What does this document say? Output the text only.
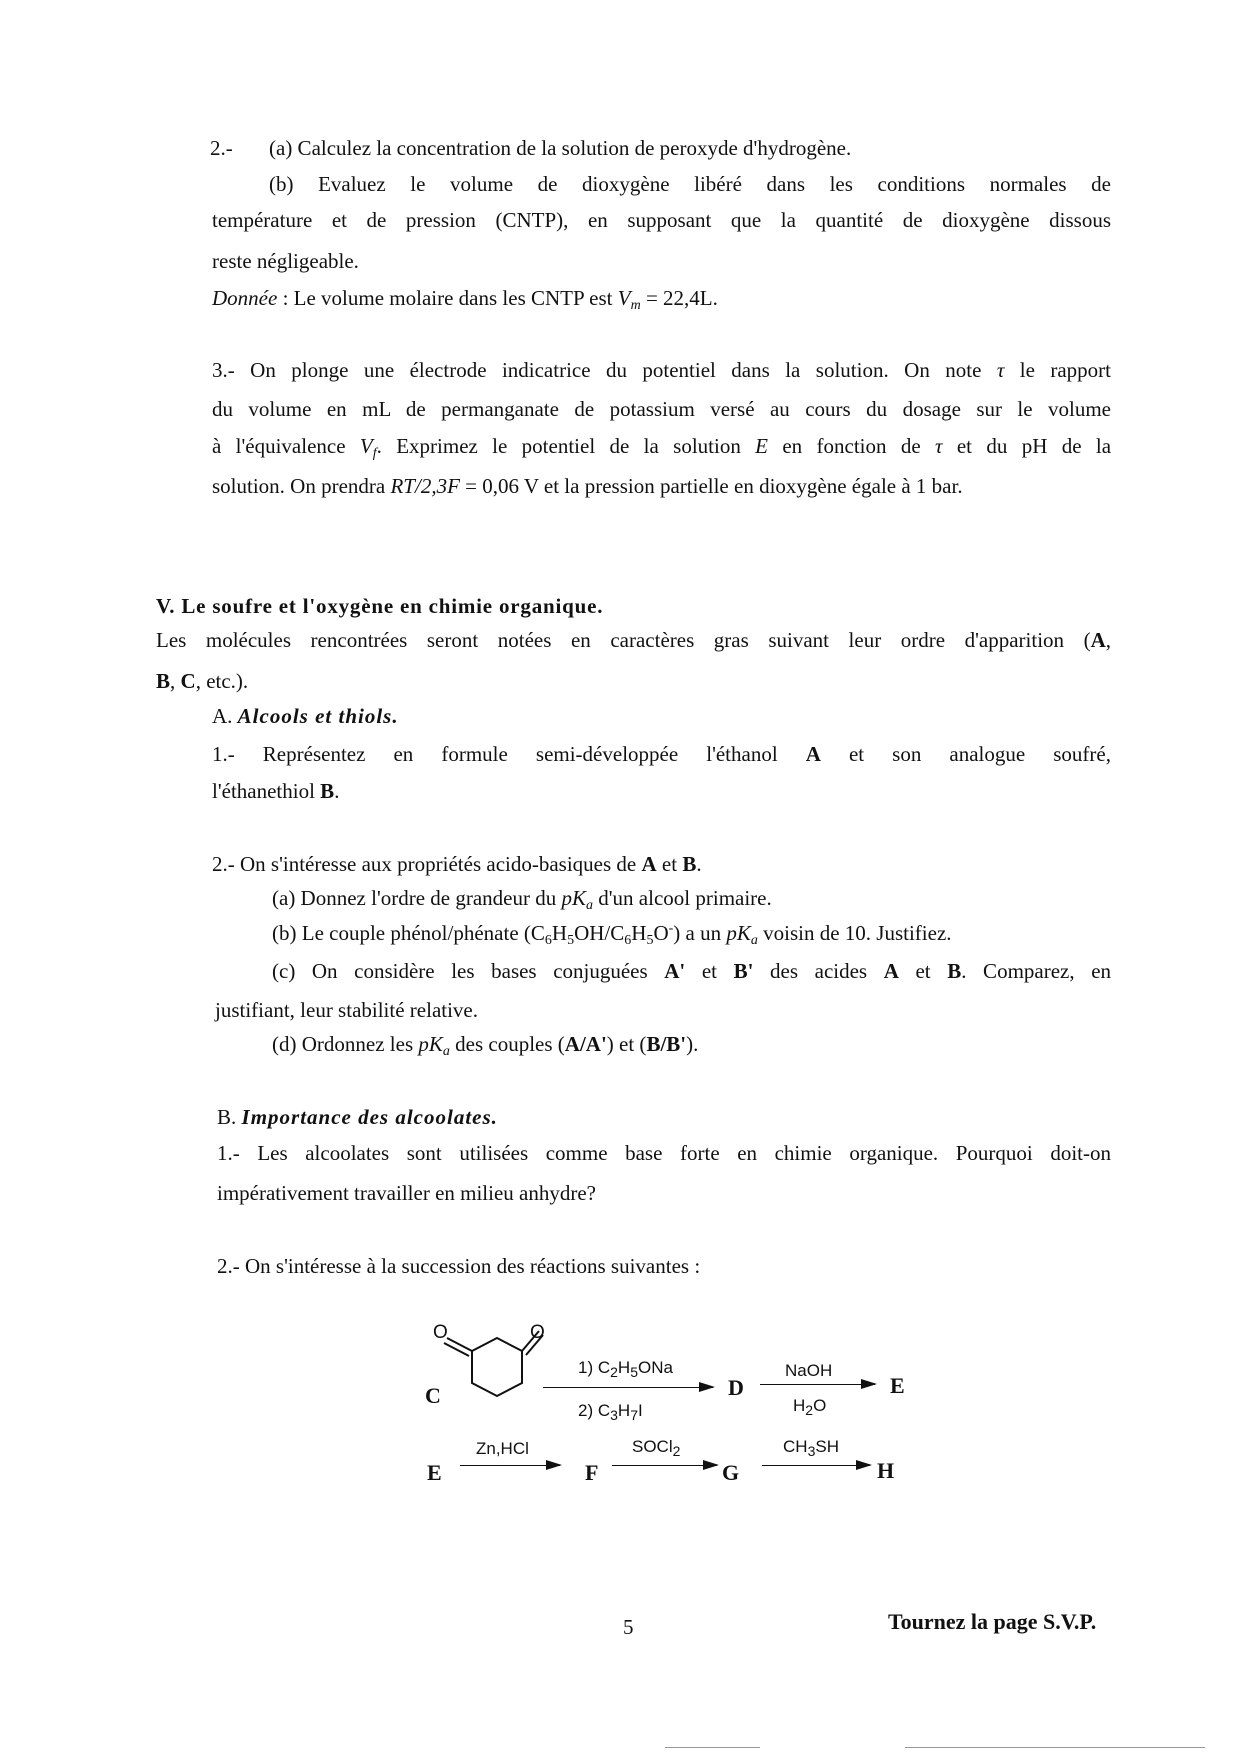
2.- (a) Calculez la concentration de la solution de peroxyde d'hydrogène.
(b) Evaluez le volume de dioxygène libéré dans les conditions normales de
température et de pression (CNTP), en supposant que la quantité de dioxygène dissous
reste négligeable.
Donnée : Le volume molaire dans les CNTP est $V_m = 22,4L$.
3.- On plonge une électrode indicatrice du potentiel dans la solution. On note τ le rapport
du volume en mL de permanganate de potassium versé au cours du dosage sur le volume
à l'équivalence $V_f$. Exprimez le potentiel de la solution E en fonction de τ et du pH de la
solution. On prendra RT/2,3F = 0,06 V et la pression partielle en dioxygène égale à 1 bar.
V. Le soufre et l'oxygène en chimie organique.
Les molécules rencontrées seront notées en caractères gras suivant leur ordre d'apparition (A,
B, C, etc.).
A. Alcools et thiols.
1.- Représentez en formule semi-développée l'éthanol A et son analogue soufré,
l'éthanethiol B.
2.- On s'intéresse aux propriétés acido-basiques de A et B.
(a) Donnez l'ordre de grandeur du $pK_a$ d'un alcool primaire.
(b) Le couple phénol/phénate $(C_6H_5OH/C_6H_5O^-)$ a un $pK_a$ voisin de 10. Justifiez.
(c) On considère les bases conjuguées A' et B' des acides A et B. Comparez, en
justifiant, leur stabilité relative.
(d) Ordonnez les $pK_a$ des couples (A/A') et (B/B').
B. Importance des alcoolates.
1.- Les alcoolates sont utilisées comme base forte en chimie organique. Pourquoi doit-on
impérativement travailler en milieu anhydre?
2.- On s'intéresse à la succession des réactions suivantes :
O	O
C
1) $C_2H_5ONa$
2) $C_3H_7I$
D
NaOH
$H_2O$
E
E
Zn,HCl
F
SOCl$_2$
G
$CH_3SH$
H
5	Tournez la page S.V.P.
